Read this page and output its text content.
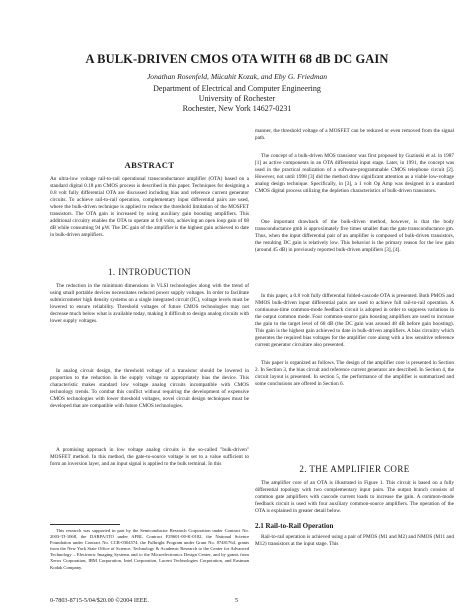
A BULK-DRIVEN CMOS OTA WITH 68 dB DC GAIN
Jonathan Rosenfeld, Mücahit Kozak, and Eby G. Friedman
Department of Electrical and Computer Engineering
University of Rochester
Rochester, New York 14627-0231
ABSTRACT

An ultra-low voltage rail-to-rail operational transconductance amplifier (OTA) based on a standard digital 0.18 μm CMOS process is described in this paper. Techniques for designing a 0.8 volt fully differential OTA are discussed including bias and reference current generator circuits. To achieve rail-to-rail operation, complementary input differential pairs are used, where the bulk-driven technique is applied to reduce the threshold limitation of the MOSFET transistors. The OTA gain is increased by using auxiliary gain boosting amplifiers. This additional circuitry enables the OTA to operate at 0.8 volts, achieving an open loop gain of 68 dB while consuming 94 μW. The DC gain of the amplifier is the highest gain achieved to date in bulk-driven amplifiers.

1. INTRODUCTION

The reduction in the minimum dimensions in VLSI technologies along with the trend of using small portable devices necessitates reduced power supply voltages. In order to facilitate submicrometer high density systems on a single integrated circuit (IC), voltage levels must be lowered to ensure reliability. Threshold voltages of future CMOS technologies may not decrease much below what is available today, making it difficult to design analog circuits with lower supply voltages.

In analog circuit design, the threshold voltage of a transistor should be lowered in proportion to the reduction in the supply voltage to appropriately bias the device. This characteristic makes standard low voltage analog circuits incompatible with CMOS technology trends. To combat this conflict without requiring the development of expensive CMOS technologies with lower threshold voltages, novel circuit design techniques must be developed that are compatible with future CMOS technologies.

A promising approach in low voltage analog circuits is the so-called "bulk-driven" MOSFET method. In this method, the gate-to-source voltage is set to a value sufficient to form an inversion layer, and an input signal is applied to the bulk terminal. In this

This research was supported in part by the Semiconductor Research Corporation under Contract No. 2003-TJ-1068, the DARPA/ITO under AFRL Contract F29601-00-K-0182, the National Science Foundation under Contract No. CCR-0304574, the Fulbright Program under Grant No. 87481764, grants from the New York State Office of Science, Technology & Academic Research to the Center for Advanced Technology – Electronic Imaging Systems and to the Microelectronics Design Center, and by grants from Xerox Corporation, IBM Corporation, Intel Corporation, Lucent Technologies Corporation, and Eastman Kodak Company.

manner, the threshold voltage of a MOSFET can be reduced or even removed from the signal path.

The concept of a bulk-driven MOS transistor was first proposed by Guzinski et al. in 1987 [1] as active components in an OTA differential input stage. Later, in 1991, the concept was used in the practical realization of a software-programmable CMOS telephone circuit [2]. However, not until 1998 [3] did the method draw significant attention as a viable low-voltage analog design technique. Specifically, in [3], a 1 volt Op Amp was designed in a standard CMOS digital process utilizing the depletion characteristics of bulk-driven transistors.

One important drawback of the bulk-driven method, however, is that the body transconductance gmb is approximately five times smaller than the gate transconductance gm. Thus, when the input differential pair of an amplifier is composed of bulk-driven transistors, the resulting DC gain is relatively low. This behavior is the primary reason for the low gain (around 45 dB) in previously reported bulk-driven amplifiers [3], [4].

In this paper, a 0.8 volt fully differential folded-cascode OTA is presented. Both PMOS and NMOS bulk-driven input differential pairs are used to achieve full rail-to-rail operation. A continuous-time common-mode feedback circuit is adopted in order to suppress variations in the output common mode. Four common-source gain boosting amplifiers are used to increase the gain to the target level of 68 dB (the DC gain was around 48 dB before gain boosting). This gain is the highest gain achieved to date in bulk-driven amplifiers. A bias circuitry which generates the required bias voltages for the amplifier core along with a low sensitive reference current generator circuitare also presented.

This paper is organized as follows. The design of the amplifier core is presented in Section 2. In Section 3, the bias circuit and reference current generator are described. In Section 4, the circuit layout is presented. In section 5, the performance of the amplifier is summarized and some conclusions are offered in Section 6.

2. THE AMPLIFIER CORE

The amplifier core of an OTA is illustrated in Figure 1. This circuit is based on a fully differential topology with two complementary input pairs. The output branch consists of common gate amplifiers with cascode current loads to increase the gain. A common-mode feedback circuit is used with four auxiliary common-source amplifiers. The operation of the OTA is explained in greater detail below.

2.1 Rail-to-Rail Operation

Rail-to-rail operation is achieved using a pair of PMOS (M1 and M2) and NMOS (M11 and M12) transistors at the input stage. This

0-7803-8715-5/04/$20.00 ©2004 IEEE.	5
